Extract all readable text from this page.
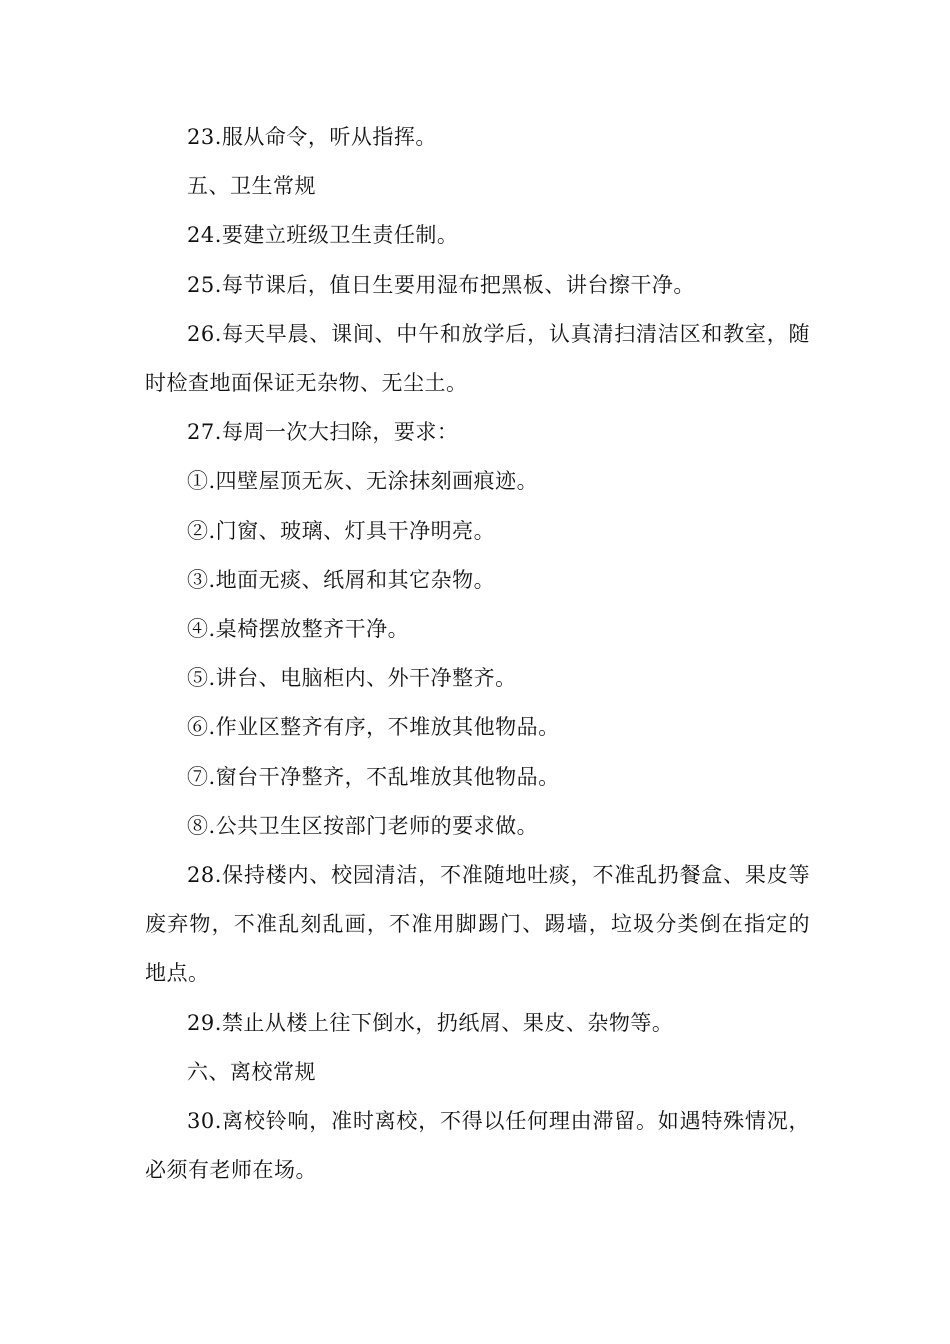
23.服从命令，听从指挥。

五、卫生常规

24.要建立班级卫生责任制。

25.每节课后，值日生要用湿布把黑板、讲台擦干净。

26.每天早晨、课间、中午和放学后，认真清扫清洁区和教室，随时检查地面保证无杂物、无尘土。

27.每周一次大扫除，要求：

①.四壁屋顶无灰、无涂抹刻画痕迹。

②.门窗、玻璃、灯具干净明亮。

③.地面无痰、纸屑和其它杂物。

④.桌椅摆放整齐干净。

⑤.讲台、电脑柜内、外干净整齐。

⑥.作业区整齐有序，不堆放其他物品。

⑦.窗台干净整齐，不乱堆放其他物品。

⑧.公共卫生区按部门老师的要求做。

28.保持楼内、校园清洁，不准随地吐痰，不准乱扔餐盒、果皮等废弃物，不准乱刻乱画，不准用脚踢门、踢墙，垃圾分类倒在指定的地点。

29.禁止从楼上往下倒水，扔纸屑、果皮、杂物等。

六、离校常规

30.离校铃响，准时离校，不得以任何理由滞留。如遇特殊情况，必须有老师在场。
